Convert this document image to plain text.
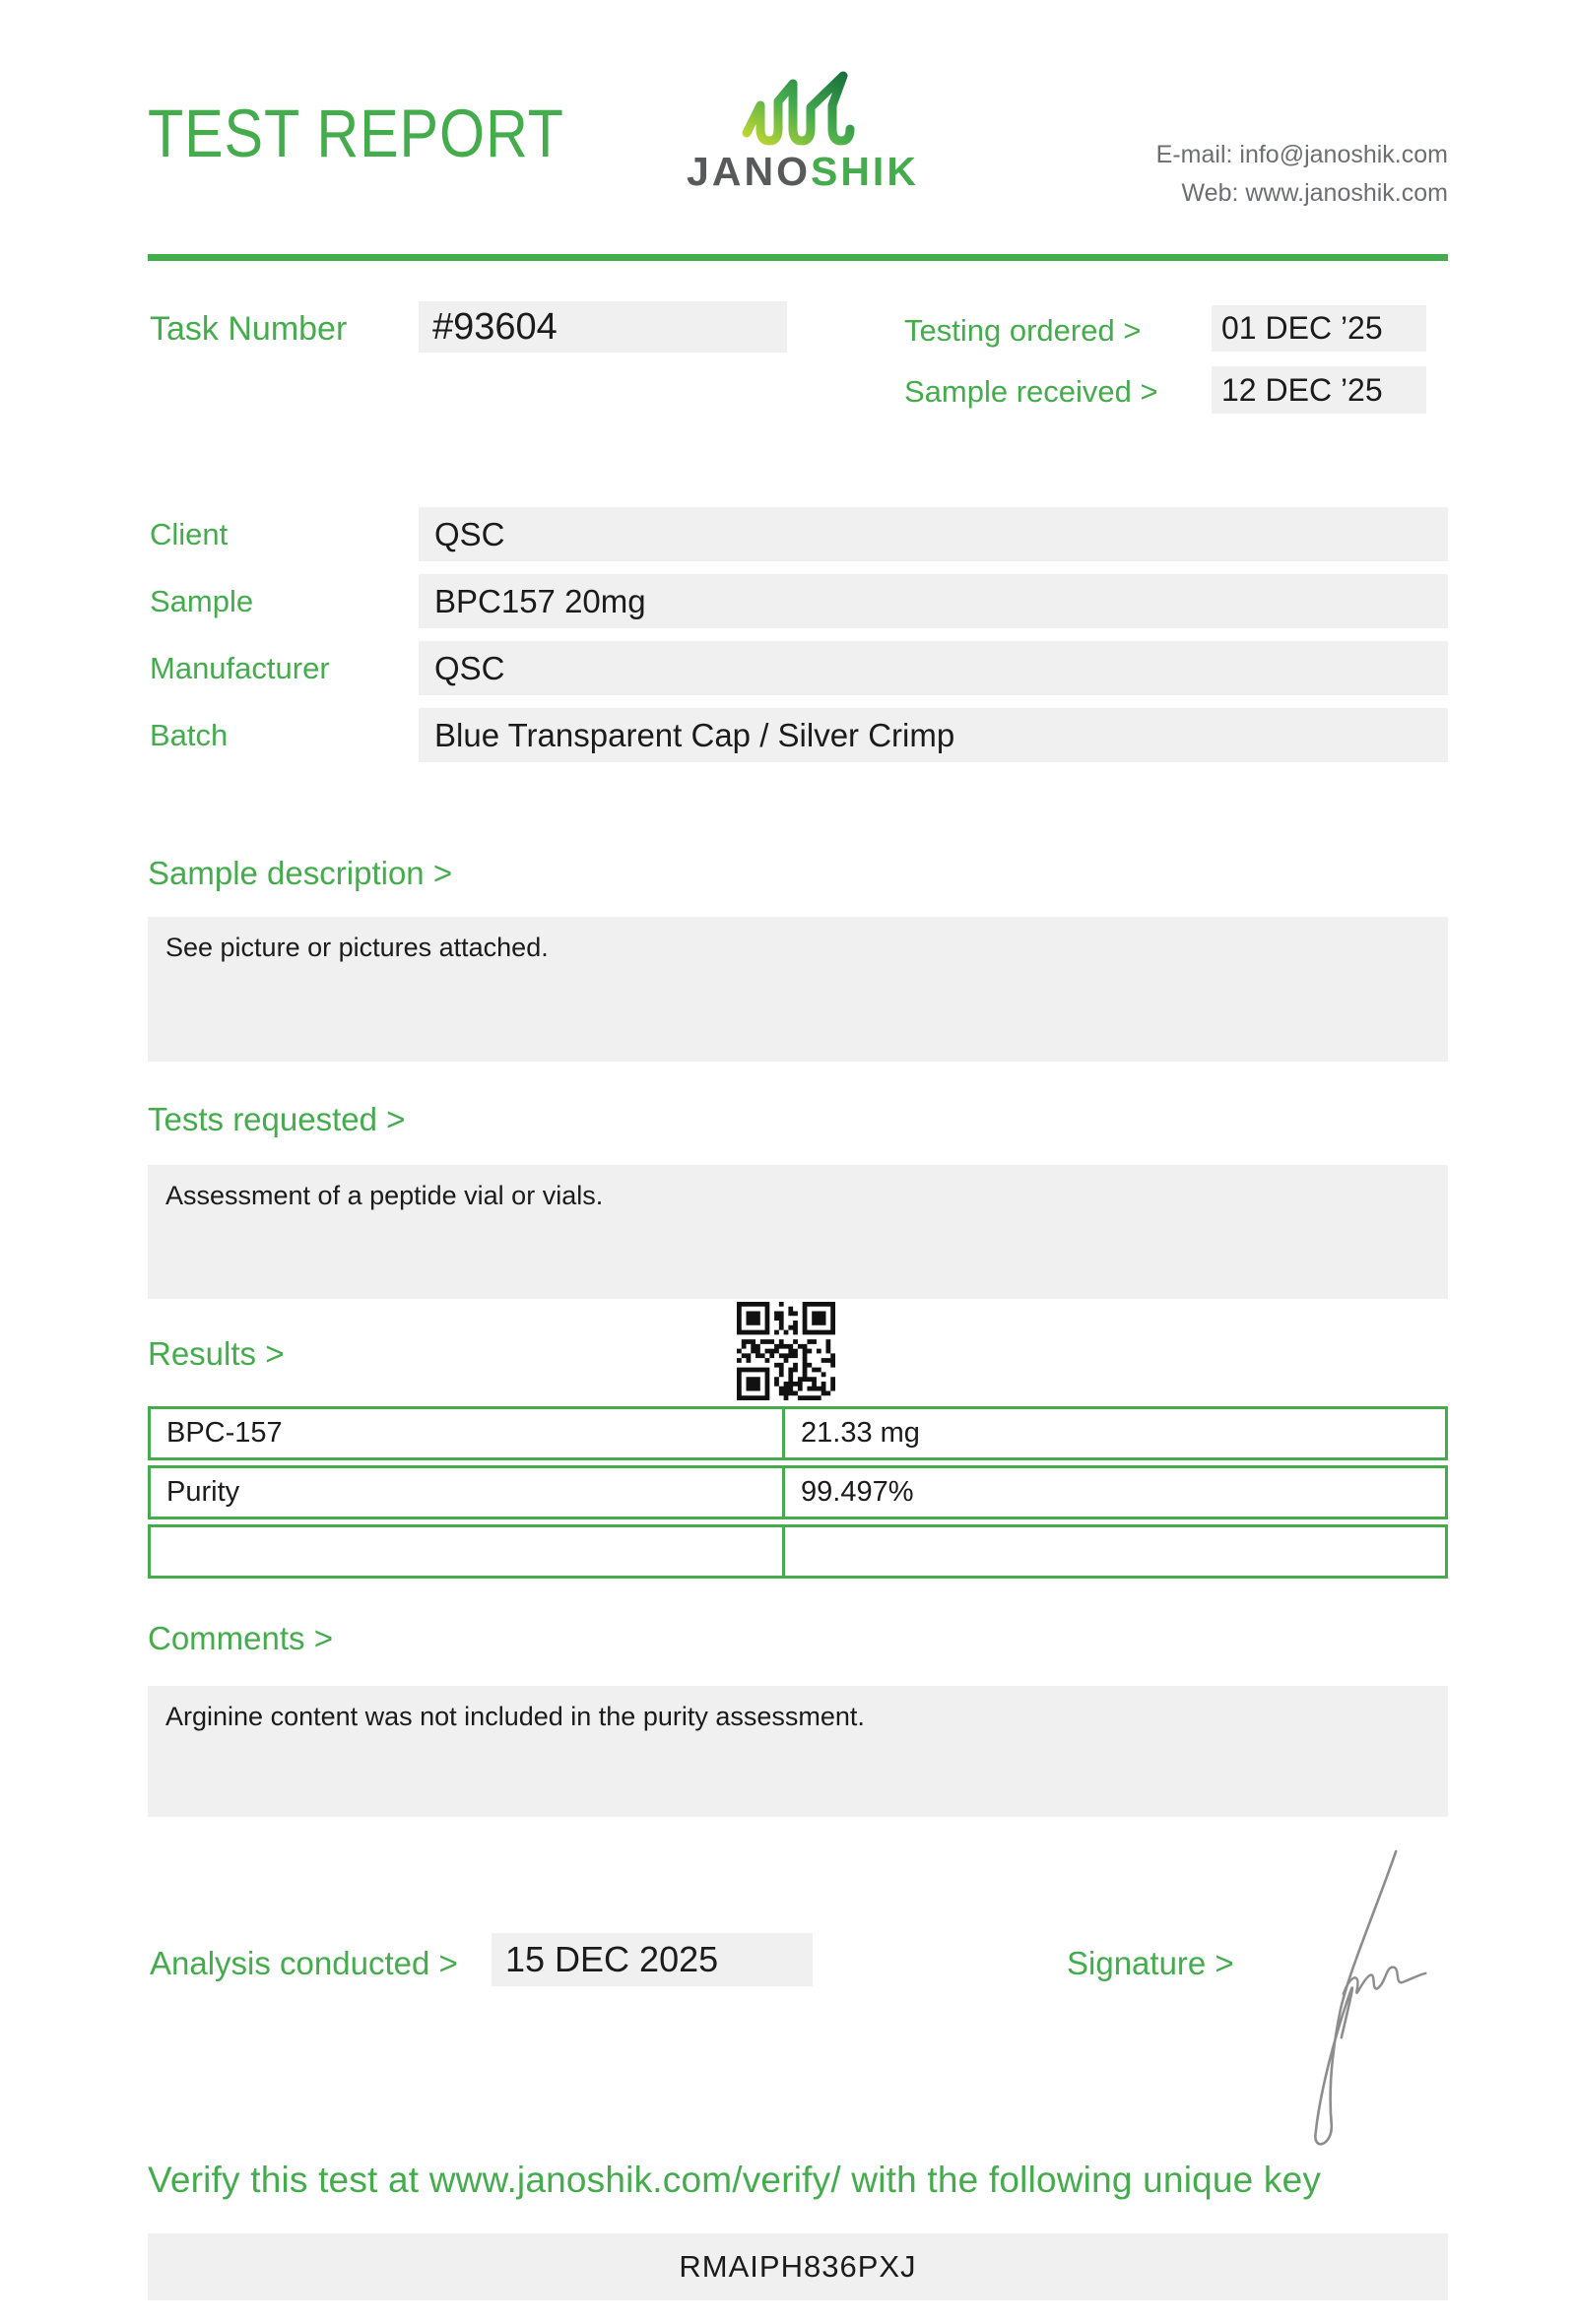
TEST REPORT	JANOSHIK	E-mail: info@janoshik.com
Web: www.janoshik.com
Task Number	#93604	Testing ordered >	01 DEC ’25
Sample received >	12 DEC ’25
Client	QSC
Sample	BPC157 20mg
Manufacturer	QSC
Batch	Blue Transparent Cap / Silver Crimp
Sample description >
See picture or pictures attached.
Tests requested >
Assessment of a peptide vial or vials.
Results >
BPC-157	21.33 mg
Purity	99.497%
Comments >
Arginine content was not included in the purity assessment.
Analysis conducted >	15 DEC 2025	Signature >
Verify this test at www.janoshik.com/verify/ with the following unique key
RMAIPH836PXJ
